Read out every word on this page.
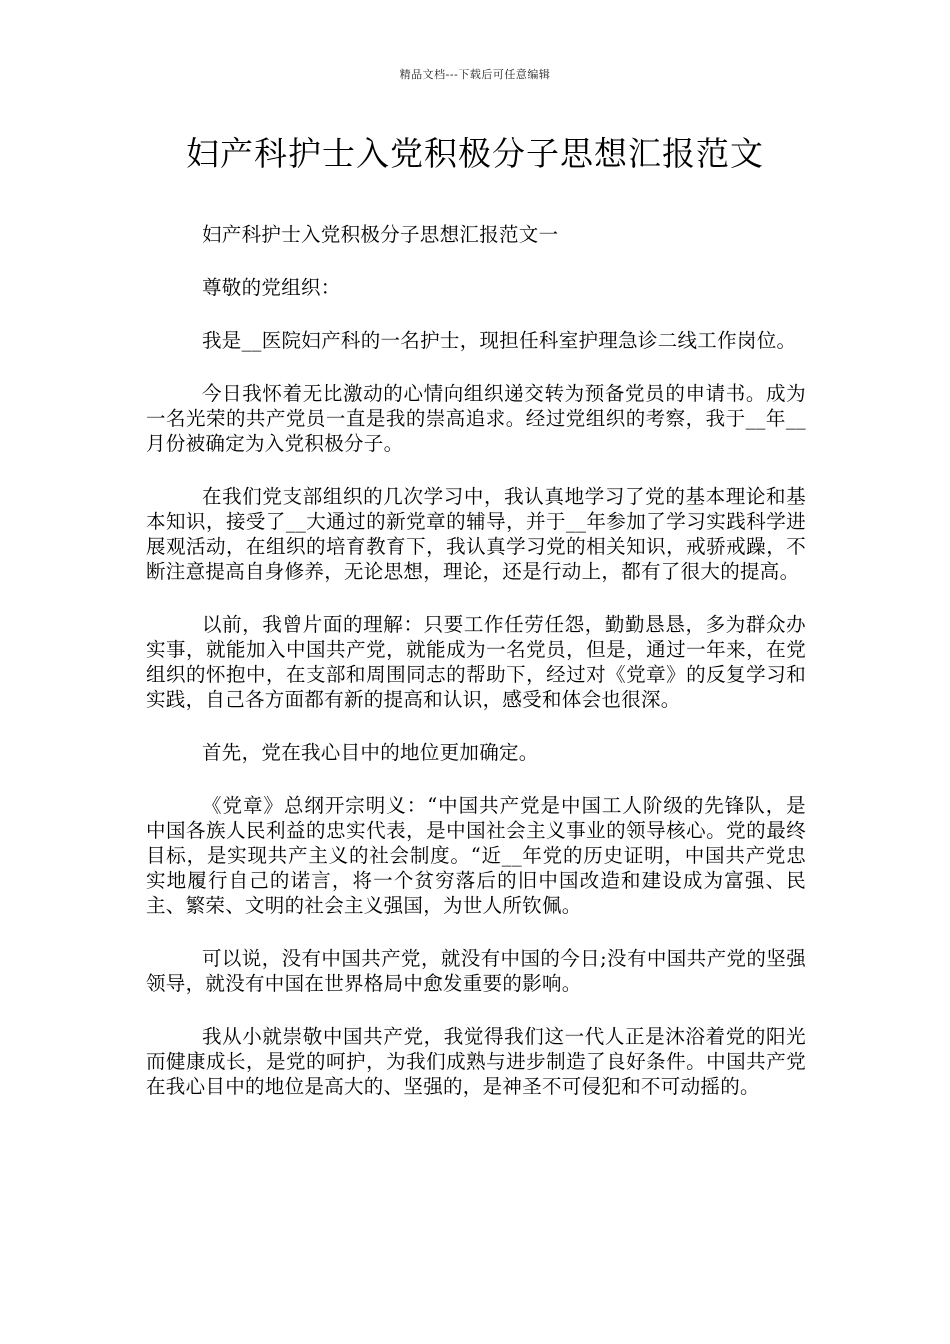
精品文档---下载后可任意编辑
妇产科护士入党积极分子思想汇报范文

妇产科护士入党积极分子思想汇报范文一

尊敬的党组织：

我是__医院妇产科的一名护士，现担任科室护理急诊二线工作岗位。

今日我怀着无比激动的心情向组织递交转为预备党员的申请书。成为一名光荣的共产党员一直是我的崇高追求。经过党组织的考察，我于__年__月份被确定为入党积极分子。

在我们党支部组织的几次学习中，我认真地学习了党的基本理论和基本知识，接受了__大通过的新党章的辅导，并于__年参加了学习实践科学进展观活动，在组织的培育教育下，我认真学习党的相关知识，戒骄戒躁，不断注意提高自身修养，无论思想，理论，还是行动上，都有了很大的提高。

以前，我曾片面的理解：只要工作任劳任怨，勤勤恳恳，多为群众办实事，就能加入中国共产党，就能成为一名党员，但是，通过一年来，在党组织的怀抱中，在支部和周围同志的帮助下，经过对《党章》的反复学习和实践，自己各方面都有新的提高和认识，感受和体会也很深。

首先，党在我心目中的地位更加确定。

《党章》总纲开宗明义：“中国共产党是中国工人阶级的先锋队，是中国各族人民利益的忠实代表，是中国社会主义事业的领导核心。党的最终目标，是实现共产主义的社会制度。“近__年党的历史证明，中国共产党忠实地履行自己的诺言，将一个贫穷落后的旧中国改造和建设成为富强、民主、繁荣、文明的社会主义强国，为世人所钦佩。

可以说，没有中国共产党，就没有中国的今日;没有中国共产党的坚强领导，就没有中国在世界格局中愈发重要的影响。

我从小就崇敬中国共产党，我觉得我们这一代人正是沐浴着党的阳光而健康成长，是党的呵护，为我们成熟与进步制造了良好条件。中国共产党在我心目中的地位是高大的、坚强的，是神圣不可侵犯和不可动摇的。
